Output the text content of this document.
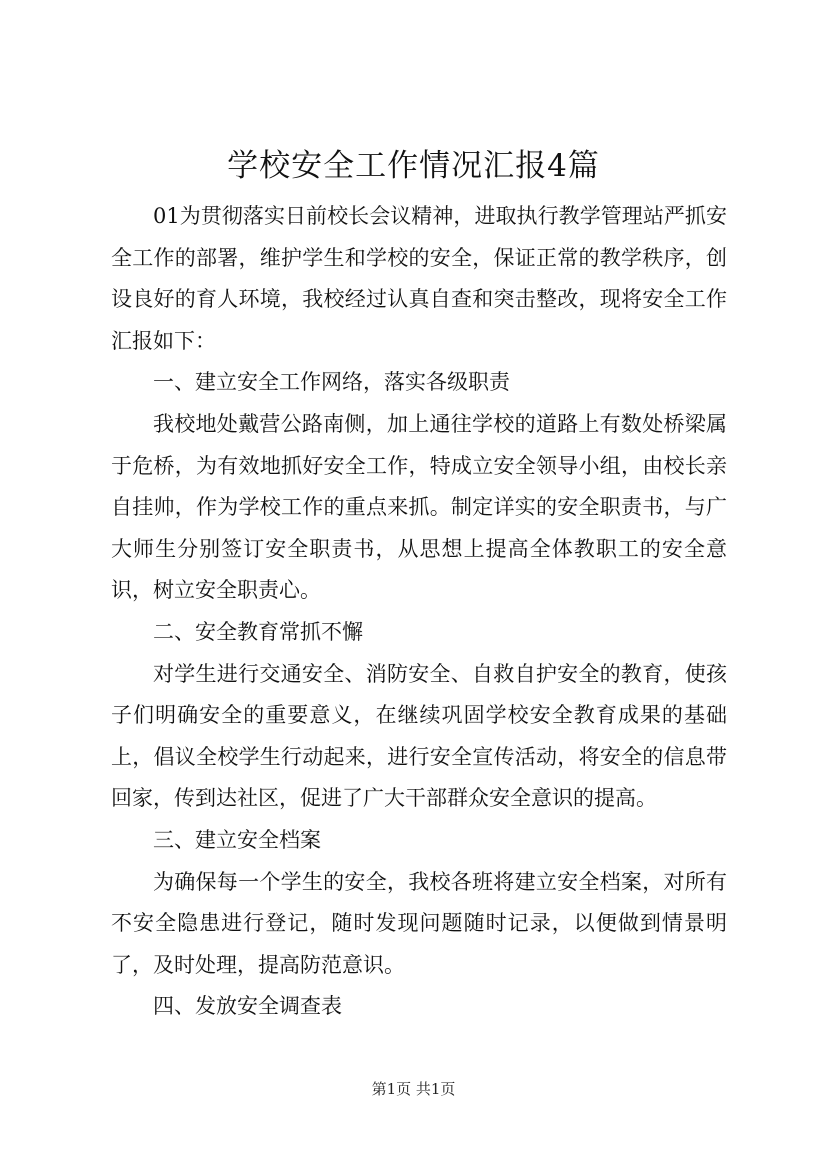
学校安全工作情况汇报4篇

01为贯彻落实日前校长会议精神，进取执行教学管理站严抓安全工作的部署，维护学生和学校的安全，保证正常的教学秩序，创设良好的育人环境，我校经过认真自查和突击整改，现将安全工作汇报如下：

一、建立安全工作网络，落实各级职责

我校地处戴营公路南侧，加上通往学校的道路上有数处桥梁属于危桥，为有效地抓好安全工作，特成立安全领导小组，由校长亲自挂帅，作为学校工作的重点来抓。制定详实的安全职责书，与广大师生分别签订安全职责书，从思想上提高全体教职工的安全意识，树立安全职责心。

二、安全教育常抓不懈

对学生进行交通安全、消防安全、自救自护安全的教育，使孩子们明确安全的重要意义，在继续巩固学校安全教育成果的基础上，倡议全校学生行动起来，进行安全宣传活动，将安全的信息带回家，传到达社区，促进了广大干部群众安全意识的提高。

三、建立安全档案

为确保每一个学生的安全，我校各班将建立安全档案，对所有不安全隐患进行登记，随时发现问题随时记录，以便做到情景明了，及时处理，提高防范意识。

四、发放安全调查表

第1页 共1页
